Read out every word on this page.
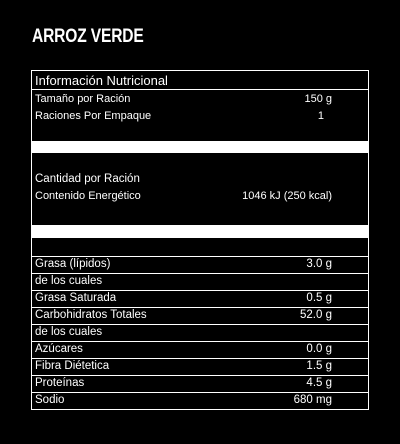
ARROZ VERDE
Información Nutricional
Tamaño por Ración	150 g
Raciones Por Empaque	1
Cantidad por Ración
Contenido Energético	1046 kJ (250 kcal)
Grasa (lípidos)	3.0 g
de los cuales
Grasa Saturada	0.5 g
Carbohidratos Totales	52.0 g
de los cuales
Azúcares	0.0 g
Fibra Diétetica	1.5 g
Proteínas	4.5 g
Sodio	680 mg
